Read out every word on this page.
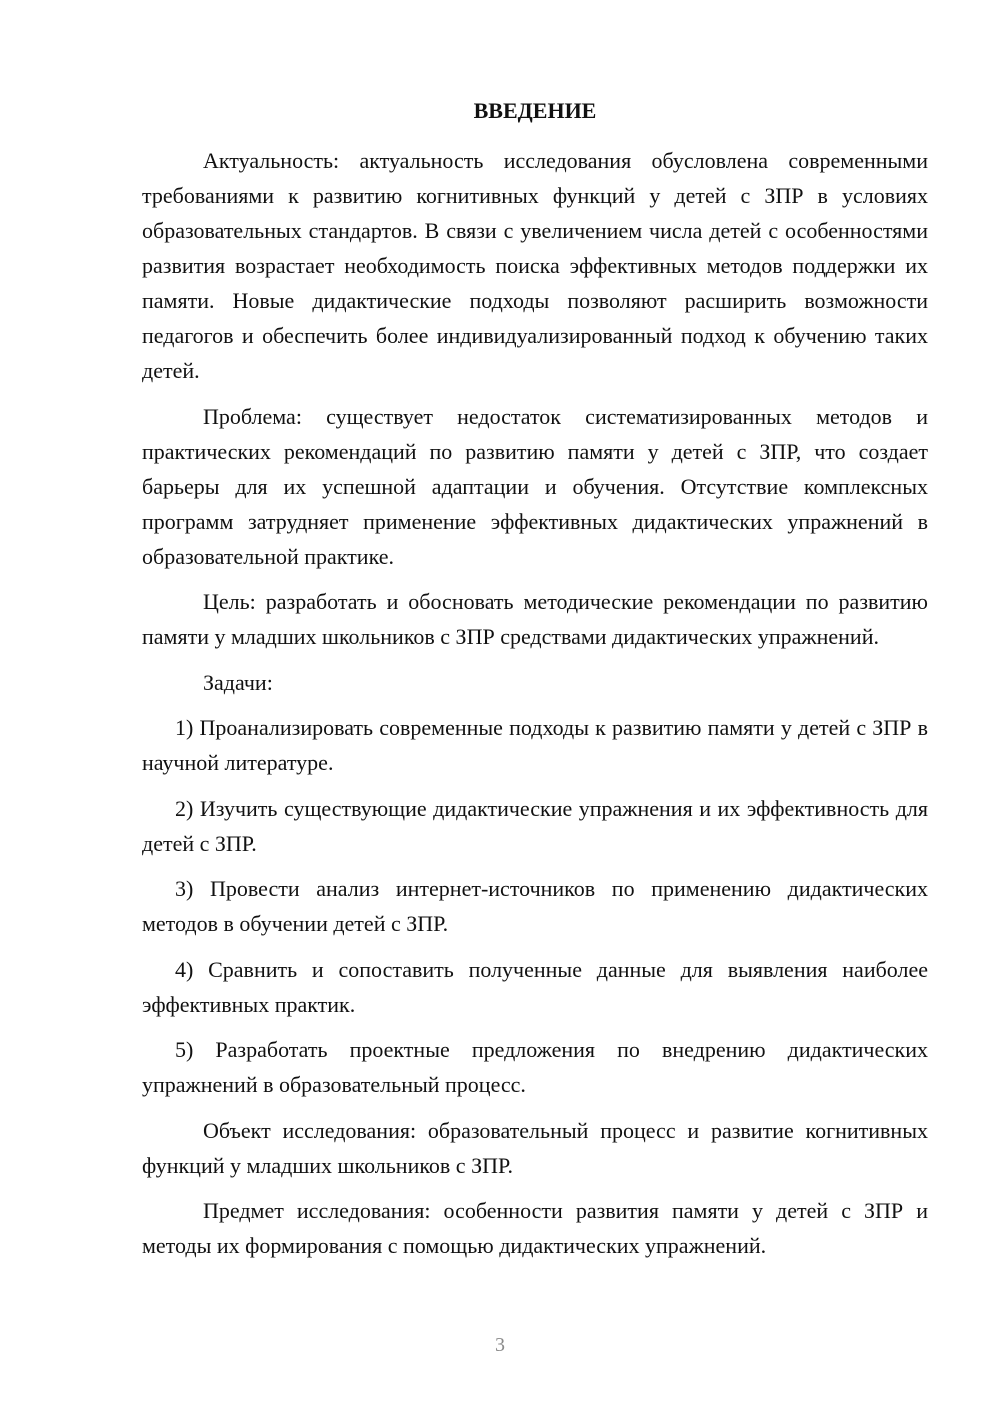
ВВЕДЕНИЕ

Актуальность: актуальность исследования обусловлена современными требованиями к развитию когнитивных функций у детей с ЗПР в условиях образовательных стандартов. В связи с увеличением числа детей с особенностями развития возрастает необходимость поиска эффективных методов поддержки их памяти. Новые дидактические подходы позволяют расширить возможности педагогов и обеспечить более индивидуализированный подход к обучению таких детей.

Проблема: существует недостаток систематизированных методов и практических рекомендаций по развитию памяти у детей с ЗПР, что создает барьеры для их успешной адаптации и обучения. Отсутствие комплексных программ затрудняет применение эффективных дидактических упражнений в образовательной практике.

Цель: разработать и обосновать методические рекомендации по развитию памяти у младших школьников с ЗПР средствами дидактических упражнений.

Задачи:

1) Проанализировать современные подходы к развитию памяти у детей с ЗПР в научной литературе.

2) Изучить существующие дидактические упражнения и их эффективность для детей с ЗПР.

3) Провести анализ интернет-источников по применению дидактических методов в обучении детей с ЗПР.

4) Сравнить и сопоставить полученные данные для выявления наиболее эффективных практик.

5) Разработать проектные предложения по внедрению дидактических упражнений в образовательный процесс.

Объект исследования: образовательный процесс и развитие когнитивных функций у младших школьников с ЗПР.

Предмет исследования: особенности развития памяти у детей с ЗПР и методы их формирования с помощью дидактических упражнений.

3
